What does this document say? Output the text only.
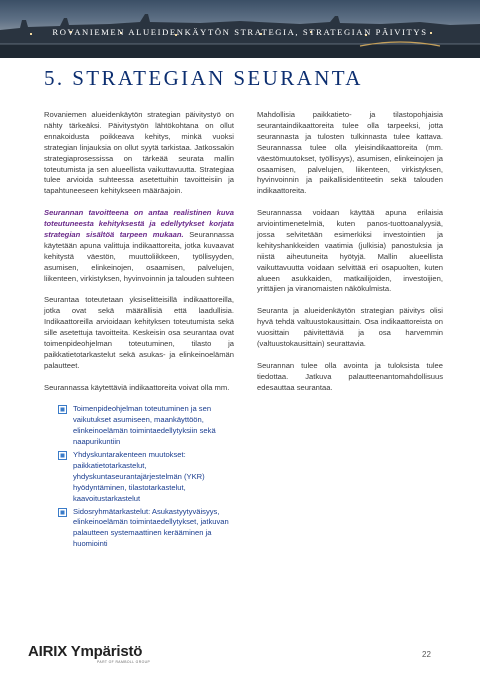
ROVANIEMEN ALUEIDENKÄYTÖN STRATEGIA, STRATEGIAN PÄIVITYS
5. STRATEGIAN SEURANTA

Rovaniemen alueidenkäytön strategian päivitystyö on nähty tärkeäksi. Päivitystyön lähtökohtana on ollut ennakoidusta poikkeava kehitys, minkä vuoksi strategian linjauksia on ollut syytä tarkistaa. Jatkossakin strategiaprosessissa on tärkeää seurata mallin toteutumista ja sen alueellista vaikuttavuutta. Strategiaa tulee arvioida suhteessa asetettuihin tavoitteisiin ja tapahtuneeseen kehitykseen määräajoin.

Seurannan tavoitteena on antaa realistinen kuva toteutuneesta kehityksestä ja edellytykset korjata strategian sisältöä tarpeen mukaan. Seurannassa käytetään apuna valittuja indikaattoreita, jotka kuvaavat kehitystä väestön, muuttoliikkeen, työllisyyden, asumisen, elinkeinojen, osaamisen, palvelujen, liikenteen, virkistyksen, hyvinvoinnin ja talouden suhteen

Seurantaa toteutetaan yksiselitteisillä indikaattoreilla, jotka ovat sekä määrällisiä että laadullisia. Indikaattoreilla arvioidaan kehityksen toteutumista sekä sille asetettuja tavoitteita. Keskeisin osa seurantaa ovat toimenpideohjelman toteutuminen, tilasto ja paikkatietotarkastelut sekä asukas- ja elinkeinoelämän palautteet.

Seurannassa käytettäviä indikaattoreita voivat olla mm.

Toimenpideohjelman toteutuminen ja sen vaikutukset asumiseen, maankäyttöön, elinkeinoelämän toimintaedellytyksiin sekä naapurikuntiin
Yhdyskuntarakenteen muutokset: paikkatietotarkastelut, yhdyskuntaseurantajärjestelmän (YKR) hyödyntäminen, tilastotarkastelut, kaavoitustarkastelut
Sidosryhmätarkastelut: Asukastyytyväisyys, elinkeinoelämän toimintaedellytykset, jatkuvan palautteen systemaattinen kerääminen ja huomiointi

Mahdollisia paikkatieto- ja tilastopohjaisia seurantaindikaattoreita tulee olla tarpeeksi, jotta seurannasta ja tulosten tulkinnasta tulee kattava. Seurannassa tulee olla yleisindikaattoreita (mm. väestömuutokset, työllisyys), asumisen, elinkeinojen ja osaamisen, palvelujen, liikenteen, virkistyksen, hyvinvoinnin ja paikallisidentiteetin sekä talouden indikaattoreita.

Seurannassa voidaan käyttää apuna erilaisia arviointimenetelmiä, kuten panos-tuottoanalyysiä, jossa selvitetään esimerkiksi investointien ja kehityshankkeiden vaatimia (julkisia) panostuksia ja niistä aiheutuneita hyötyjä. Mallin alueellista vaikuttavuutta voidaan selvittää eri osapuolten, kuten alueen asukkaiden, matkailijoiden, investoijien, yrittäjien ja viranomaisten näkökulmista.

Seuranta ja alueidenkäytön strategian päivitys olisi hyvä tehdä valtuustokausittain. Osa indikaattoreista on vuosittain päivitettäviä ja osa harvemmin (valtuustokausittain) seurattavia.

Seurannan tulee olla avointa ja tuloksista tulee tiedottaa. Jatkuva palautteenantomahdollisuus edesauttaa seurantaa.

AIRIX Ympäristö
PART OF RAMBOLL GROUP
22
